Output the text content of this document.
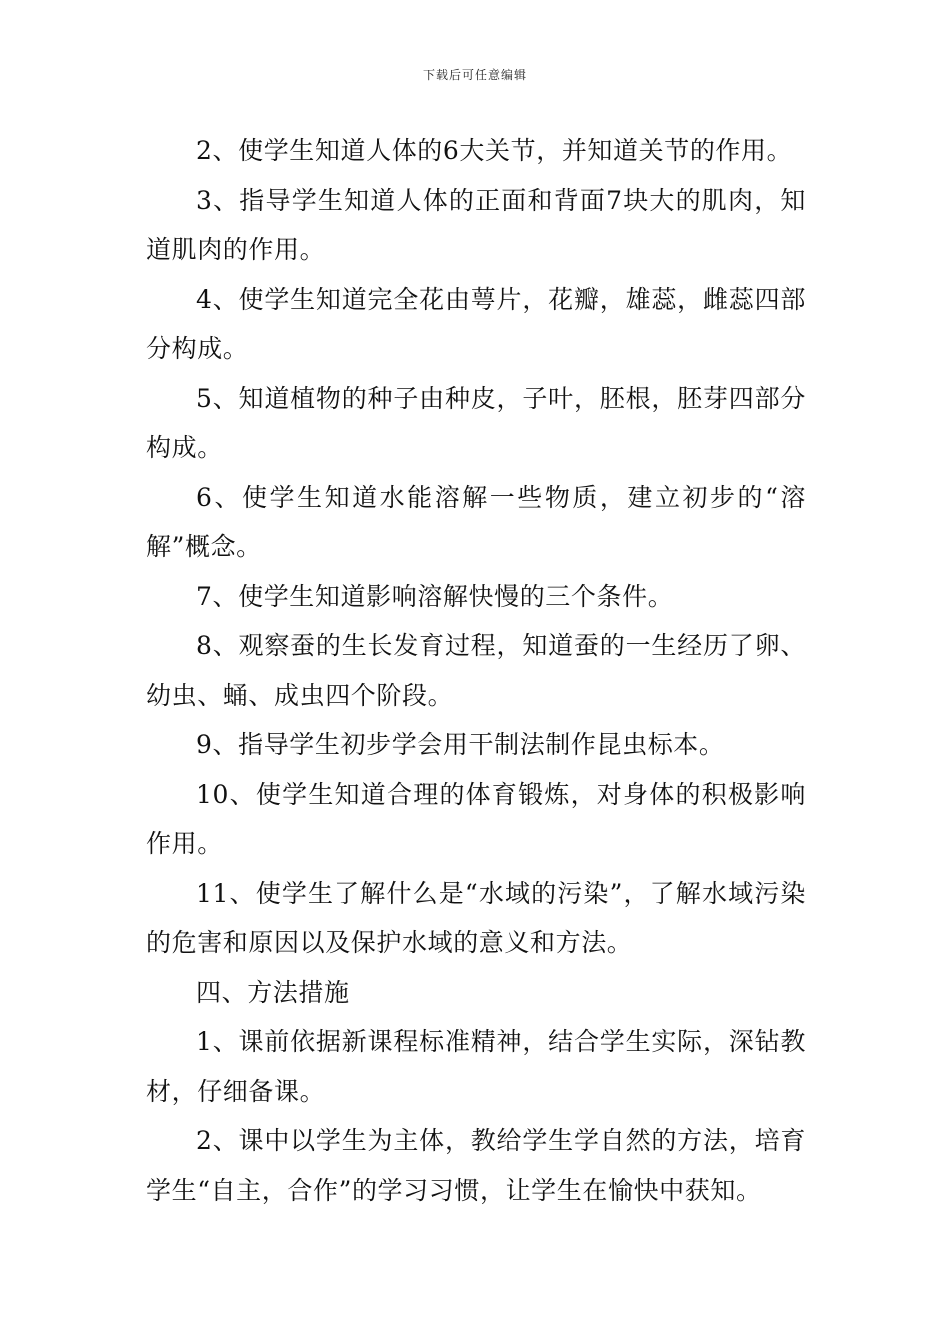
下载后可任意编辑

2、使学生知道人体的6大关节，并知道关节的作用。

3、指导学生知道人体的正面和背面7块大的肌肉，知道肌肉的作用。

4、使学生知道完全花由萼片，花瓣，雄蕊，雌蕊四部分构成。

5、知道植物的种子由种皮，子叶，胚根，胚芽四部分构成。

6、使学生知道水能溶解一些物质，建立初步的“溶解”概念。

7、使学生知道影响溶解快慢的三个条件。

8、观察蚕的生长发育过程，知道蚕的一生经历了卵、幼虫、蛹、成虫四个阶段。

9、指导学生初步学会用干制法制作昆虫标本。

10、使学生知道合理的体育锻炼，对身体的积极影响作用。

11、使学生了解什么是“水域的污染”，了解水域污染的危害和原因以及保护水域的意义和方法。

四、方法措施

1、课前依据新课程标准精神，结合学生实际，深钻教材，仔细备课。

2、课中以学生为主体，教给学生学自然的方法，培育学生“自主，合作”的学习习惯，让学生在愉快中获知。
